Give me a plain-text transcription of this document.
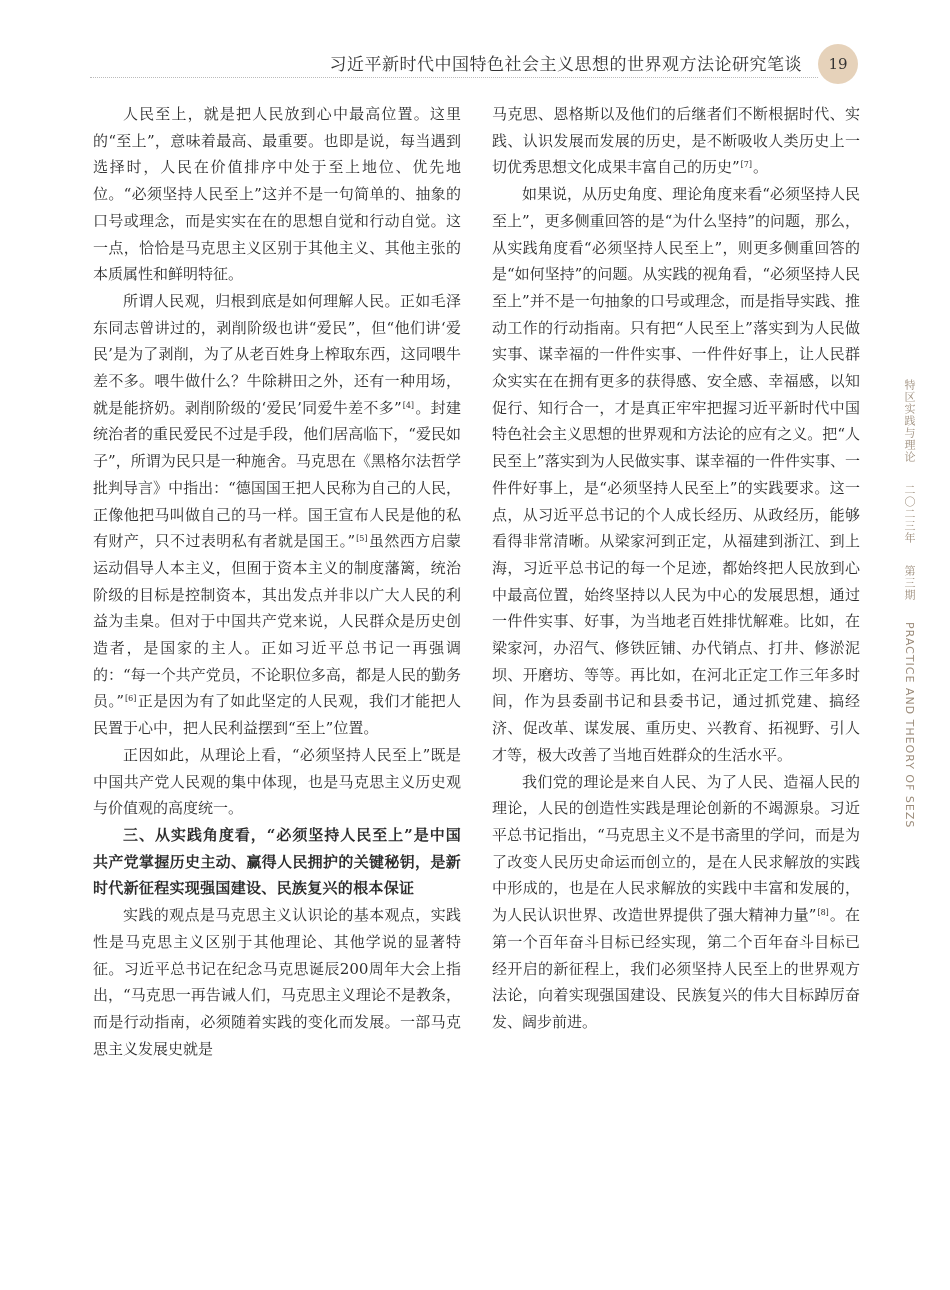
习近平新时代中国特色社会主义思想的世界观方法论研究笔谈	19

人民至上，就是把人民放到心中最高位置。这里的“至上”，意味着最高、最重要。也即是说，每当遇到选择时，人民在价值排序中处于至上地位、优先地位。“必须坚持人民至上”这并不是一句简单的、抽象的口号或理念，而是实实在在的思想自觉和行动自觉。这一点，恰恰是马克思主义区别于其他主义、其他主张的本质属性和鲜明特征。

所谓人民观，归根到底是如何理解人民。正如毛泽东同志曾讲过的，剥削阶级也讲“爱民”，但“他们讲‘爱民’是为了剥削，为了从老百姓身上榨取东西，这同喂牛差不多。喂牛做什么？牛除耕田之外，还有一种用场，就是能挤奶。剥削阶级的‘爱民’同爱牛差不多”[4]。封建统治者的重民爱民不过是手段，他们居高临下，“爱民如子”，所谓为民只是一种施舍。马克思在《黑格尔法哲学批判导言》中指出：“德国国王把人民称为自己的人民，正像他把马叫做自己的马一样。国王宣布人民是他的私有财产，只不过表明私有者就是国王。”[5]虽然西方启蒙运动倡导人本主义，但囿于资本主义的制度藩篱，统治阶级的目标是控制资本，其出发点并非以广大人民的利益为圭臬。但对于中国共产党来说，人民群众是历史创造者，是国家的主人。正如习近平总书记一再强调的：“每一个共产党员，不论职位多高，都是人民的勤务员。”[6]正是因为有了如此坚定的人民观，我们才能把人民置于心中，把人民利益摆到“至上”位置。

正因如此，从理论上看，“必须坚持人民至上”既是中国共产党人民观的集中体现，也是马克思主义历史观与价值观的高度统一。

三、从实践角度看，“必须坚持人民至上”是中国共产党掌握历史主动、赢得人民拥护的关键秘钥，是新时代新征程实现强国建设、民族复兴的根本保证

实践的观点是马克思主义认识论的基本观点，实践性是马克思主义区别于其他理论、其他学说的显著特征。习近平总书记在纪念马克思诞辰200周年大会上指出，“马克思一再告诫人们，马克思主义理论不是教条，而是行动指南，必须随着实践的变化而发展。一部马克思主义发展史就是

马克思、恩格斯以及他们的后继者们不断根据时代、实践、认识发展而发展的历史，是不断吸收人类历史上一切优秀思想文化成果丰富自己的历史”[7]。

如果说，从历史角度、理论角度来看“必须坚持人民至上”，更多侧重回答的是“为什么坚持”的问题，那么，从实践角度看“必须坚持人民至上”，则更多侧重回答的是“如何坚持”的问题。从实践的视角看，“必须坚持人民至上”并不是一句抽象的口号或理念，而是指导实践、推动工作的行动指南。只有把“人民至上”落实到为人民做实事、谋幸福的一件件实事、一件件好事上，让人民群众实实在在拥有更多的获得感、安全感、幸福感，以知促行、知行合一，才是真正牢牢把握习近平新时代中国特色社会主义思想的世界观和方法论的应有之义。把“人民至上”落实到为人民做实事、谋幸福的一件件实事、一件件好事上，是“必须坚持人民至上”的实践要求。这一点，从习近平总书记的个人成长经历、从政经历，能够看得非常清晰。从梁家河到正定，从福建到浙江、到上海，习近平总书记的每一个足迹，都始终把人民放到心中最高位置，始终坚持以人民为中心的发展思想，通过一件件实事、好事，为当地老百姓排忧解难。比如，在梁家河，办沼气、修铁匠铺、办代销点、打井、修淤泥坝、开磨坊、等等。再比如，在河北正定工作三年多时间，作为县委副书记和县委书记，通过抓党建、搞经济、促改革、谋发展、重历史、兴教育、拓视野、引人才等，极大改善了当地百姓群众的生活水平。

我们党的理论是来自人民、为了人民、造福人民的理论，人民的创造性实践是理论创新的不竭源泉。习近平总书记指出，“马克思主义不是书斋里的学问，而是为了改变人民历史命运而创立的，是在人民求解放的实践中形成的，也是在人民求解放的实践中丰富和发展的，为人民认识世界、改造世界提供了强大精神力量”[8]。在第一个百年奋斗目标已经实现，第二个百年奋斗目标已经开启的新征程上，我们必须坚持人民至上的世界观方法论，向着实现强国建设、民族复兴的伟大目标踔厉奋发、阔步前进。

特区实践与理论  二〇二三年  第三期  PRACTICE AND THEORY OF SEZS
